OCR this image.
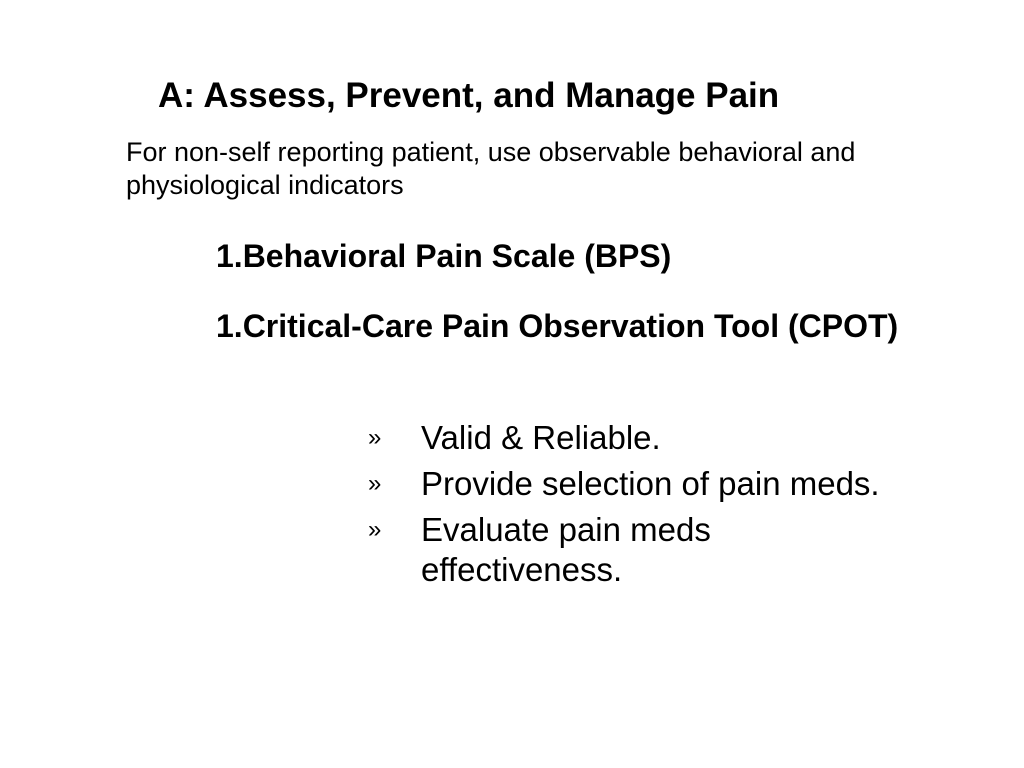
A: Assess, Prevent, and Manage Pain

For non-self reporting patient, use observable behavioral and physiological indicators

1.Behavioral Pain Scale (BPS)

1.Critical-Care Pain Observation Tool (CPOT)

» Valid & Reliable.
» Provide selection of pain meds.
» Evaluate pain meds effectiveness.
